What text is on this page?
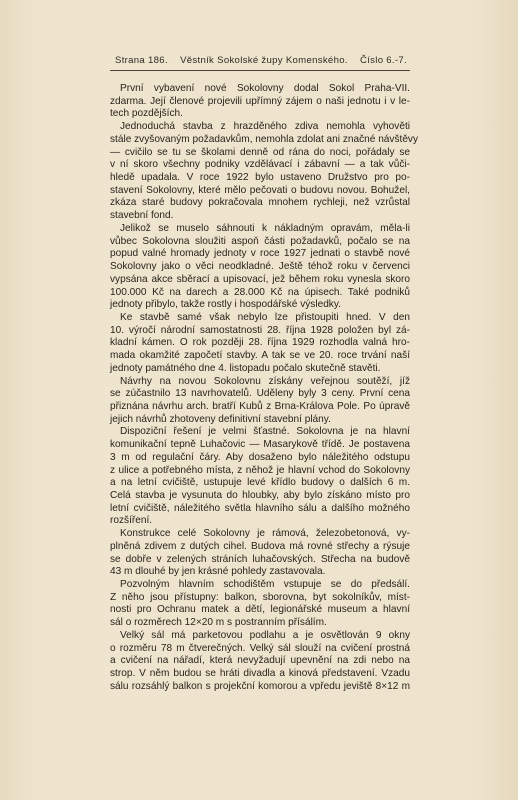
Strana 186. Věstník Sokolské župy Komenského. Číslo 6.-7.
První vybavení nové Sokolovny dodal Sokol Praha-VII.
zdarma. Její členové projevili upřímný zájem o naši jednotu i v le-
tech pozdějších.
Jednoduchá stavba z hrazděného zdiva nemohla vyhověti
stále zvyšovaným požadavkům, nemohla zdolat ani značné návštěvy
— cvičilo se tu se školami denně od rána do noci, pořádaly se
v ní skoro všechny podniky vzdělávací i zábavní — a tak vůči-
hledě upadala. V roce 1922 bylo ustaveno Družstvo pro po-
stavení Sokolovny, které mělo pečovati o budovu novou. Bohužel,
zkáza staré budovy pokračovala mnohem rychleji, než vzrůstal
stavební fond.
Jelikož se muselo sáhnouti k nákladným opravám, měla-li
vůbec Sokolovna sloužiti aspoň části požadavků, počalo se na
popud valné hromady jednoty v roce 1927 jednati o stavbě nové
Sokolovny jako o věci neodkladné. Ještě téhož roku v červenci
vypsána akce sběrací a upisovací, jež během roku vynesla skoro
100.000 Kč na darech a 28.000 Kč na úpisech. Také podniků
jednoty přibylo, takže rostly i hospodářské výsledky.
Ke stavbě samé však nebylo lze přistoupiti hned. V den
10. výročí národní samostatnosti 28. října 1928 položen byl zá-
kladní kámen. O rok později 28. října 1929 rozhodla valná hro-
mada okamžité započetí stavby. A tak se ve 20. roce trvání naší
jednoty památného dne 4. listopadu počalo skutečně stavěti.
Návrhy na novou Sokolovnu získány veřejnou soutěží, jíž
se zúčastnilo 13 navrhovatelů. Uděleny byly 3 ceny. První cena
přiznána návrhu arch. bratří Kubů z Brna-Králova Pole. Po úpravě
jejich návrhů zhotoveny definitivní stavební plány.
Dispoziční řešení je velmi šťastné. Sokolovna je na hlavní
komunikační tepně Luhačovic — Masarykově třídě. Je postavena
3 m od regulační čáry. Aby dosaženo bylo náležitého odstupu
z ulice a potřebného místa, z něhož je hlavní vchod do Sokolovny
a na letní cvičiště, ustupuje levé křídlo budovy o dalších 6 m.
Celá stavba je vysunuta do hloubky, aby bylo získáno místo pro
letní cvičiště, náležitého světla hlavního sálu a dalšího možného
rozšíření.
Konstrukce celé Sokolovny je rámová, železobetonová, vy-
plněná zdivem z dutých cihel. Budova má rovné střechy a rýsuje
se dobře v zelených stráních luhačovských. Střecha na budově
43 m dlouhé by jen krásné pohledy zastavovala.
Pozvolným hlavním schodištěm vstupuje se do předsálí.
Z něho jsou přístupny: balkon, sborovna, byt sokolníkův, míst-
nosti pro Ochranu matek a dětí, legionářské museum a hlavní
sál o rozměrech 12×20 m s postranním přísálím.
Velký sál má parketovou podlahu a je osvětlován 9 okny
o rozměru 78 m čtverečných. Velký sál slouží na cvičení prostná
a cvičení na nářadí, která nevyžadují upevnění na zdi nebo na
strop. V něm budou se hráti divadla a kinová představení. Vzadu
sálu rozsáhlý balkon s projekční komorou a vpředu jeviště 8×12 m
